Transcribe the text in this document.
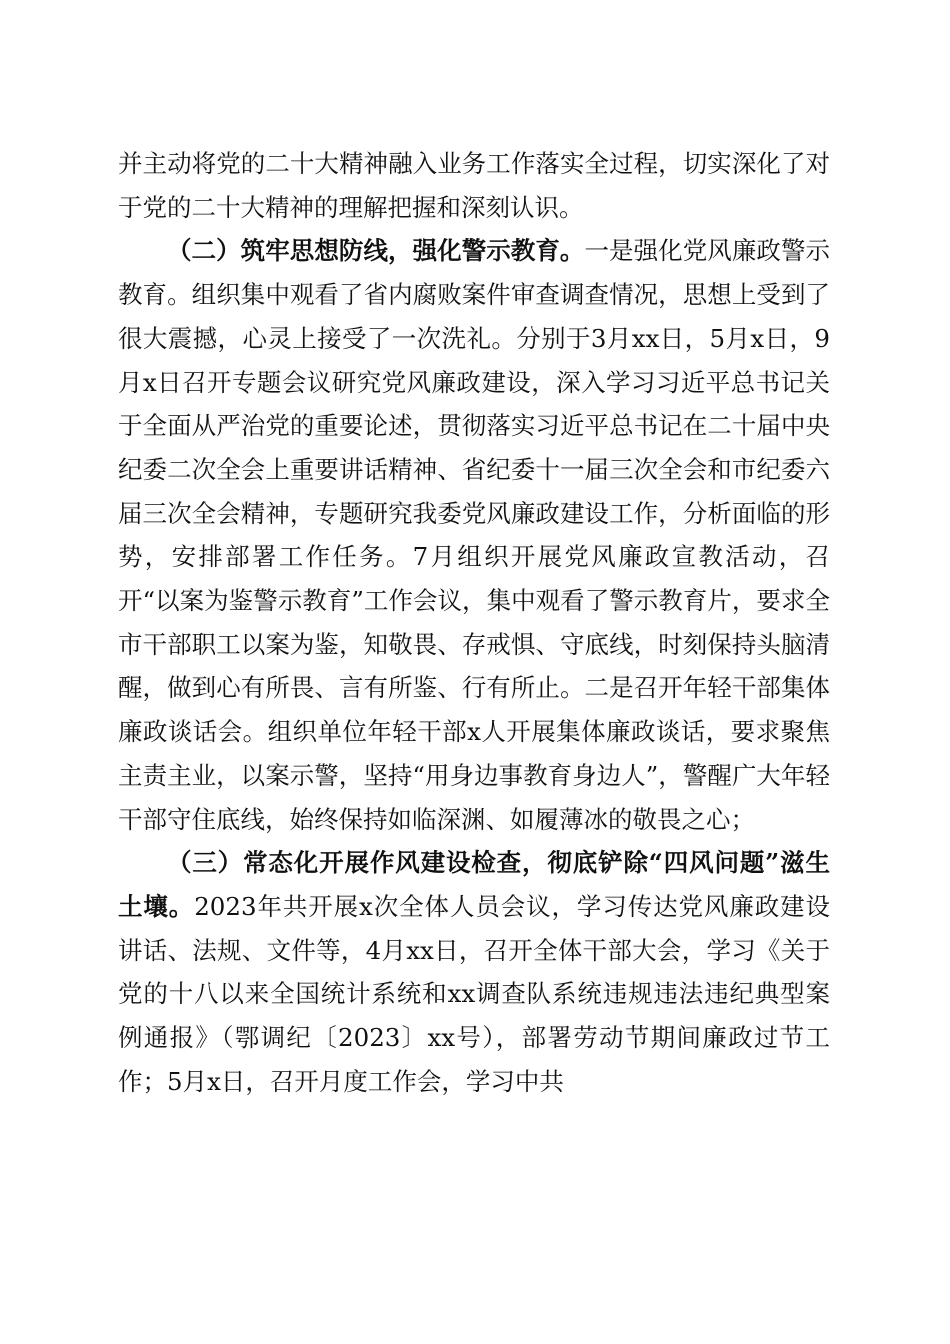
并主动将党的二十大精神融入业务工作落实全过程，切实深化了对于党的二十大精神的理解把握和深刻认识。

（二）筑牢思想防线，强化警示教育。一是强化党风廉政警示教育。组织集中观看了省内腐败案件审查调查情况，思想上受到了很大震撼，心灵上接受了一次洗礼。分别于3月xx日，5月x日，9月x日召开专题会议研究党风廉政建设，深入学习习近平总书记关于全面从严治党的重要论述，贯彻落实习近平总书记在二十届中央纪委二次全会上重要讲话精神、省纪委十一届三次全会和市纪委六届三次全会精神，专题研究我委党风廉政建设工作，分析面临的形势，安排部署工作任务。7月组织开展党风廉政宣教活动，召开“以案为鉴警示教育”工作会议，集中观看了警示教育片，要求全市干部职工以案为鉴，知敬畏、存戒惧、守底线，时刻保持头脑清醒，做到心有所畏、言有所鉴、行有所止。二是召开年轻干部集体廉政谈话会。组织单位年轻干部x人开展集体廉政谈话，要求聚焦主责主业，以案示警，坚持“用身边事教育身边人”，警醒广大年轻干部守住底线，始终保持如临深渊、如履薄冰的敬畏之心；

（三）常态化开展作风建设检查，彻底铲除“四风问题”滋生土壤。2023年共开展x次全体人员会议，学习传达党风廉政建设讲话、法规、文件等，4月xx日，召开全体干部大会，学习《关于党的十八以来全国统计系统和xx调查队系统违规违法违纪典型案例通报》（鄂调纪〔2023〕xx号），部署劳动节期间廉政过节工作；5月x日，召开月度工作会，学习中共
